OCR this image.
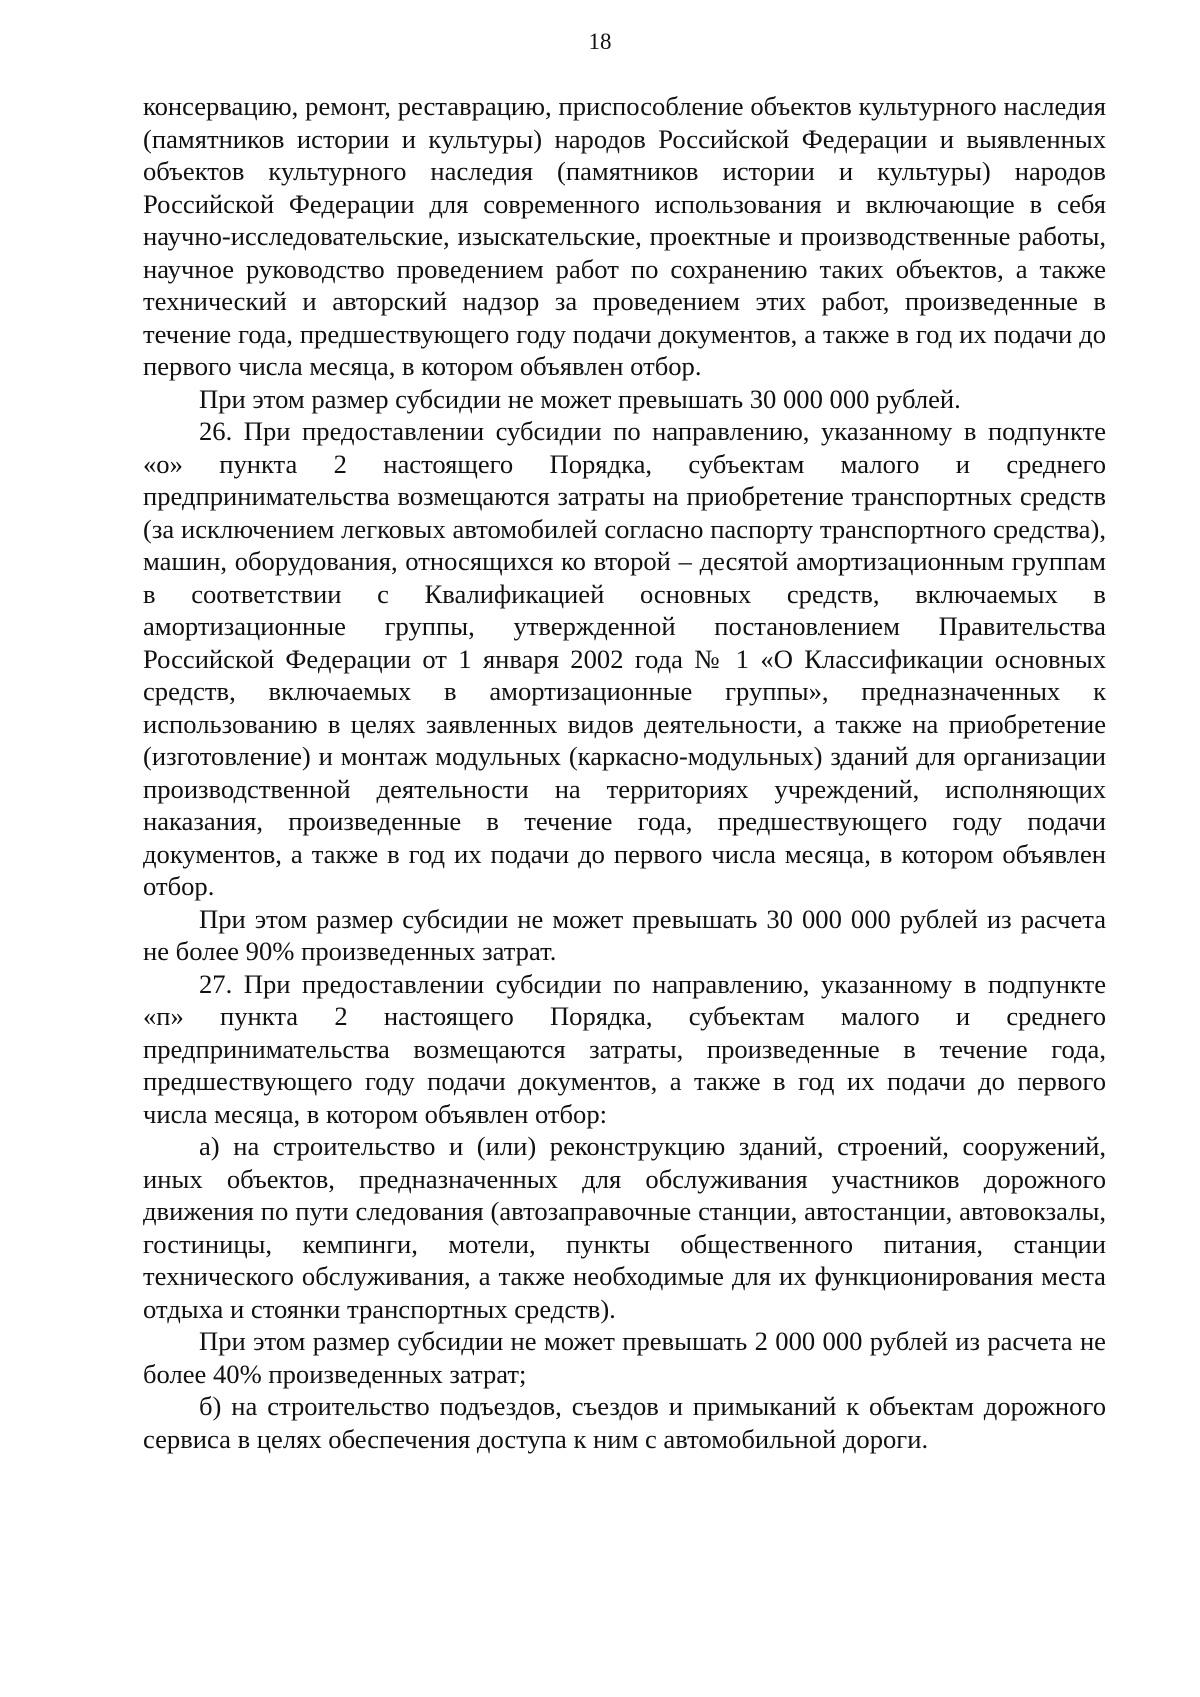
18

консервацию, ремонт, реставрацию, приспособление объектов культурного наследия (памятников истории и культуры) народов Российской Федерации и выявленных объектов культурного наследия (памятников истории и культуры) народов Российской Федерации для современного использования и включающие в себя научно-исследовательские, изыскательские, проектные и производственные работы, научное руководство проведением работ по сохранению таких объектов, а также технический и авторский надзор за проведением этих работ, произведенные в течение года, предшествующего году подачи документов, а также в год их подачи до первого числа месяца, в котором объявлен отбор.

При этом размер субсидии не может превышать 30 000 000 рублей.

26. При предоставлении субсидии по направлению, указанному в подпункте «о» пункта 2 настоящего Порядка, субъектам малого и среднего предпринимательства возмещаются затраты на приобретение транспортных средств (за исключением легковых автомобилей согласно паспорту транспортного средства), машин, оборудования, относящихся ко второй – десятой амортизационным группам в соответствии с Квалификацией основных средств, включаемых в амортизационные группы, утвержденной постановлением Правительства Российской Федерации от 1 января 2002 года № 1 «О Классификации основных средств, включаемых в амортизационные группы», предназначенных к использованию в целях заявленных видов деятельности, а также на приобретение (изготовление) и монтаж модульных (каркасно-модульных) зданий для организации производственной деятельности на территориях учреждений, исполняющих наказания, произведенные в течение года, предшествующего году подачи документов, а также в год их подачи до первого числа месяца, в котором объявлен отбор.

При этом размер субсидии не может превышать 30 000 000 рублей из расчета не более 90% произведенных затрат.

27. При предоставлении субсидии по направлению, указанному в подпункте «п» пункта 2 настоящего Порядка, субъектам малого и среднего предпринимательства возмещаются затраты, произведенные в течение года, предшествующего году подачи документов, а также в год их подачи до первого числа месяца, в котором объявлен отбор:

а) на строительство и (или) реконструкцию зданий, строений, сооружений, иных объектов, предназначенных для обслуживания участников дорожного движения по пути следования (автозаправочные станции, автостанции, автовокзалы, гостиницы, кемпинги, мотели, пункты общественного питания, станции технического обслуживания, а также необходимые для их функционирования места отдыха и стоянки транспортных средств).

При этом размер субсидии не может превышать 2 000 000 рублей из расчета не более 40% произведенных затрат;

б) на строительство подъездов, съездов и примыканий к объектам дорожного сервиса в целях обеспечения доступа к ним с автомобильной дороги.
